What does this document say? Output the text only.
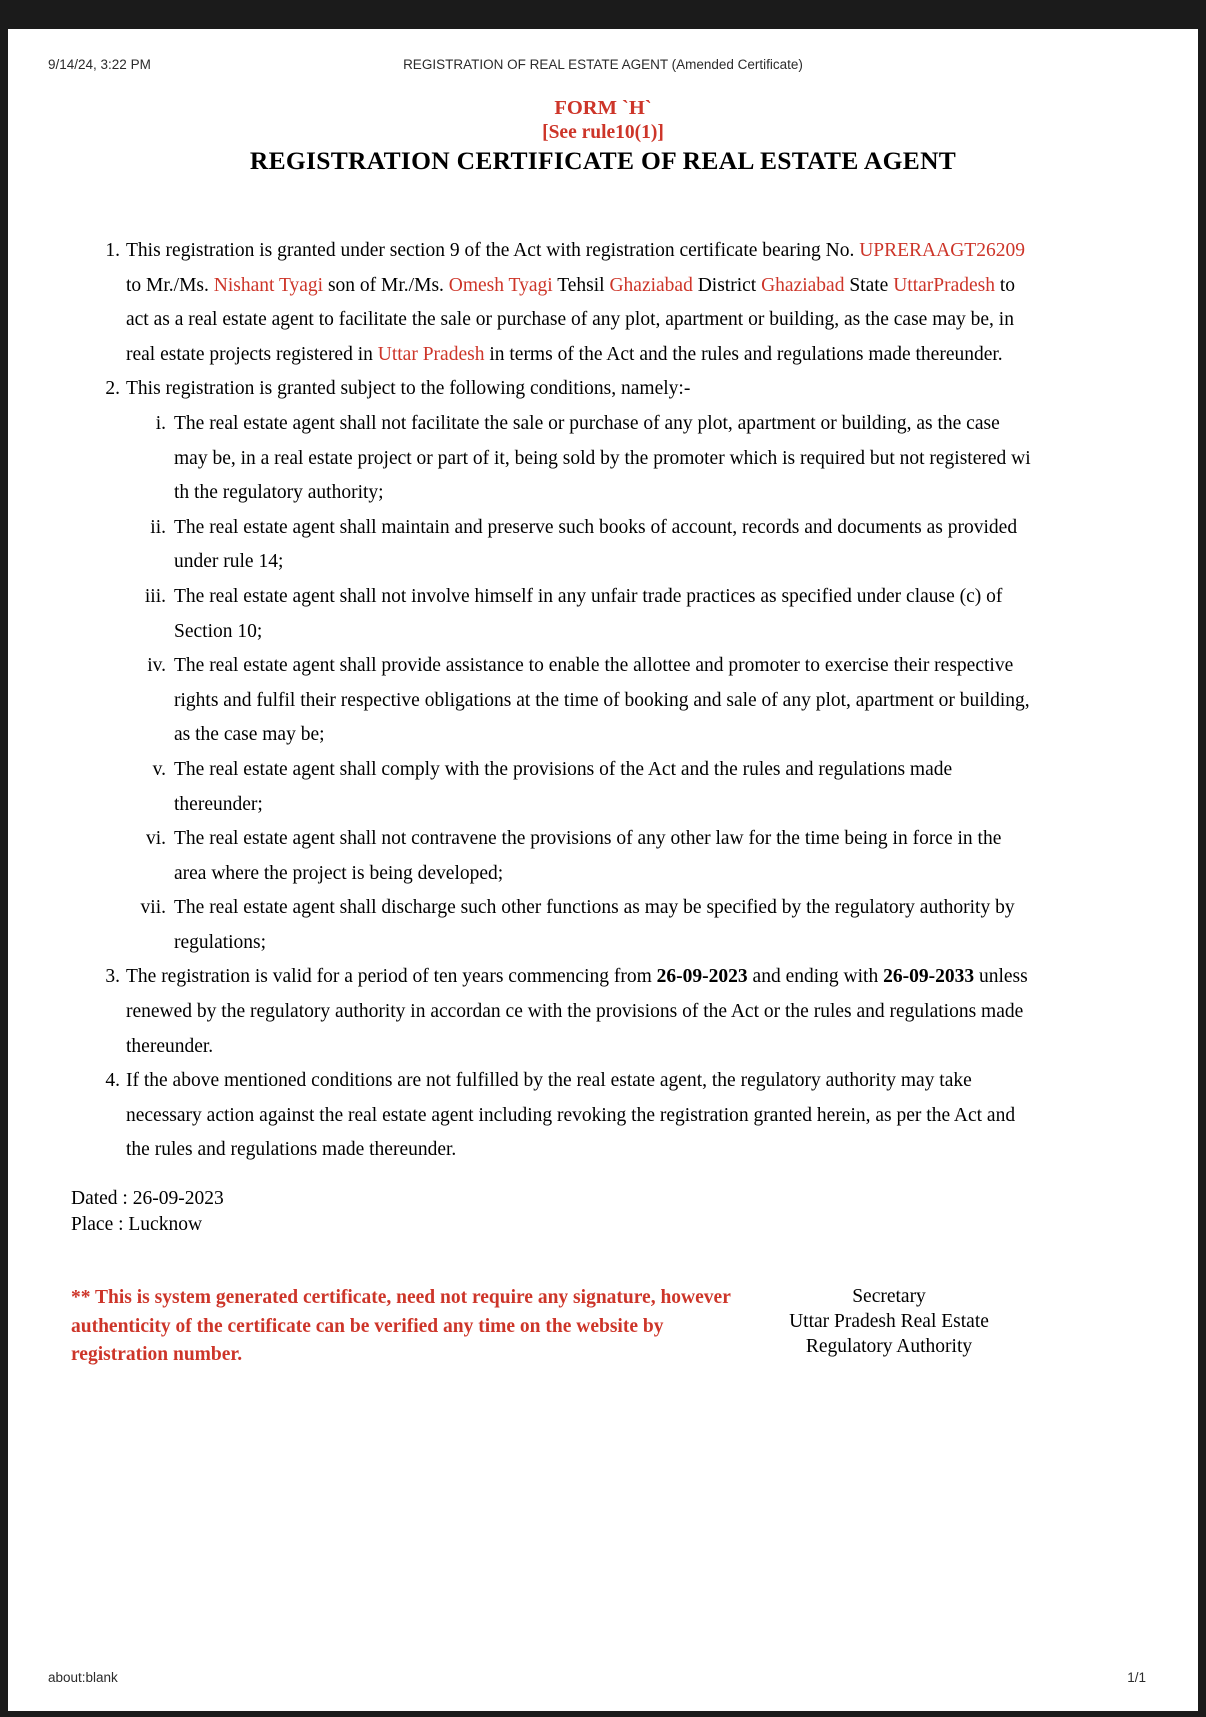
9/14/24, 3:22 PM	REGISTRATION OF REAL ESTATE AGENT (Amended Certificate)
FORM `H`
[See rule10(1)]
REGISTRATION CERTIFICATE OF REAL ESTATE AGENT
1. This registration is granted under section 9 of the Act with registration certificate bearing No. UPRERAAGT26209 to Mr./Ms. Nishant Tyagi son of Mr./Ms. Omesh Tyagi Tehsil Ghaziabad District Ghaziabad State UttarPradesh to act as a real estate agent to facilitate the sale or purchase of any plot, apartment or building, as the case may be, in real estate projects registered in Uttar Pradesh in terms of the Act and the rules and regulations made thereunder.
2. This registration is granted subject to the following conditions, namely:-
i. The real estate agent shall not facilitate the sale or purchase of any plot, apartment or building, as the case may be, in a real estate project or part of it, being sold by the promoter which is required but not registered wi th the regulatory authority;
ii. The real estate agent shall maintain and preserve such books of account, records and documents as provided under rule 14;
iii. The real estate agent shall not involve himself in any unfair trade practices as specified under clause (c) of Section 10;
iv. The real estate agent shall provide assistance to enable the allottee and promoter to exercise their respective rights and fulfil their respective obligations at the time of booking and sale of any plot, apartment or building, as the case may be;
v. The real estate agent shall comply with the provisions of the Act and the rules and regulations made thereunder;
vi. The real estate agent shall not contravene the provisions of any other law for the time being in force in the area where the project is being developed;
vii. The real estate agent shall discharge such other functions as may be specified by the regulatory authority by regulations;
3. The registration is valid for a period of ten years commencing from 26-09-2023 and ending with 26-09-2033 unless renewed by the regulatory authority in accordan ce with the provisions of the Act or the rules and regulations made thereunder.
4. If the above mentioned conditions are not fulfilled by the real estate agent, the regulatory authority may take necessary action against the real estate agent including revoking the registration granted herein, as per the Act and the rules and regulations made thereunder.
Dated : 26-09-2023
Place : Lucknow
Secretary
Uttar Pradesh Real Estate
Regulatory Authority
** This is system generated certificate, need not require any signature, however authenticity of the certificate can be verified any time on the website by registration number.
about:blank	1/1
